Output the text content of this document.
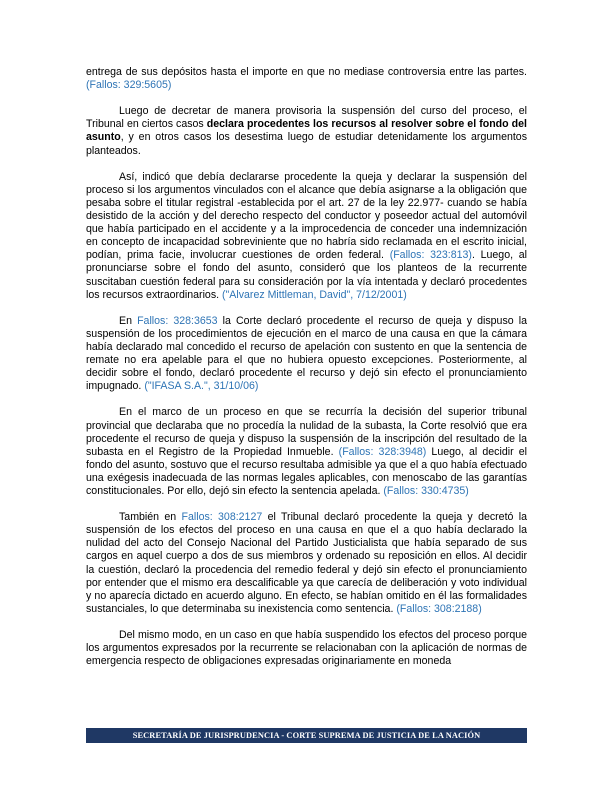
entrega de sus depósitos hasta el importe en que no mediase controversia entre las partes. (Fallos: 329:5605)

Luego de decretar de manera provisoria la suspensión del curso del proceso, el Tribunal en ciertos casos declara procedentes los recursos al resolver sobre el fondo del asunto, y en otros casos los desestima luego de estudiar detenidamente los argumentos planteados.

Así, indicó que debía declararse procedente la queja y declarar la suspensión del proceso si los argumentos vinculados con el alcance que debía asignarse a la obligación que pesaba sobre el titular registral -establecida por el art. 27 de la ley 22.977- cuando se había desistido de la acción y del derecho respecto del conductor y poseedor actual del automóvil que había participado en el accidente y a la improcedencia de conceder una indemnización en concepto de incapacidad sobreviniente que no habría sido reclamada en el escrito inicial, podían, prima facie, involucrar cuestiones de orden federal. (Fallos: 323:813). Luego, al pronunciarse sobre el fondo del asunto, consideró que los planteos de la recurrente suscitaban cuestión federal para su consideración por la vía intentada y declaró procedentes los recursos extraordinarios. ("Alvarez Mittleman, David", 7/12/2001)

En Fallos: 328:3653 la Corte declaró procedente el recurso de queja y dispuso la suspensión de los procedimientos de ejecución en el marco de una causa en que la cámara había declarado mal concedido el recurso de apelación con sustento en que la sentencia de remate no era apelable para el que no hubiera opuesto excepciones. Posteriormente, al decidir sobre el fondo, declaró procedente el recurso y dejó sin efecto el pronunciamiento impugnado. ("IFASA S.A.", 31/10/06)

En el marco de un proceso en que se recurría la decisión del superior tribunal provincial que declaraba que no procedía la nulidad de la subasta, la Corte resolvió que era procedente el recurso de queja y dispuso la suspensión de la inscripción del resultado de la subasta en el Registro de la Propiedad Inmueble. (Fallos: 328:3948) Luego, al decidir el fondo del asunto, sostuvo que el recurso resultaba admisible ya que el a quo había efectuado una exégesis inadecuada de las normas legales aplicables, con menoscabo de las garantías constitucionales. Por ello, dejó sin efecto la sentencia apelada. (Fallos: 330:4735)

También en Fallos: 308:2127 el Tribunal declaró procedente la queja y decretó la suspensión de los efectos del proceso en una causa en que el a quo había declarado la nulidad del acto del Consejo Nacional del Partido Justicialista que había separado de sus cargos en aquel cuerpo a dos de sus miembros y ordenado su reposición en ellos. Al decidir la cuestión, declaró la procedencia del remedio federal y dejó sin efecto el pronunciamiento por entender que el mismo era descalificable ya que carecía de deliberación y voto individual y no aparecía dictado en acuerdo alguno. En efecto, se habían omitido en él las formalidades sustanciales, lo que determinaba su inexistencia como sentencia. (Fallos: 308:2188)

Del mismo modo, en un caso en que había suspendido los efectos del proceso porque los argumentos expresados por la recurrente se relacionaban con la aplicación de normas de emergencia respecto de obligaciones expresadas originariamente en moneda

SECRETARÍA DE JURISPRUDENCIA - CORTE SUPREMA DE JUSTICIA DE LA NACIÓN
